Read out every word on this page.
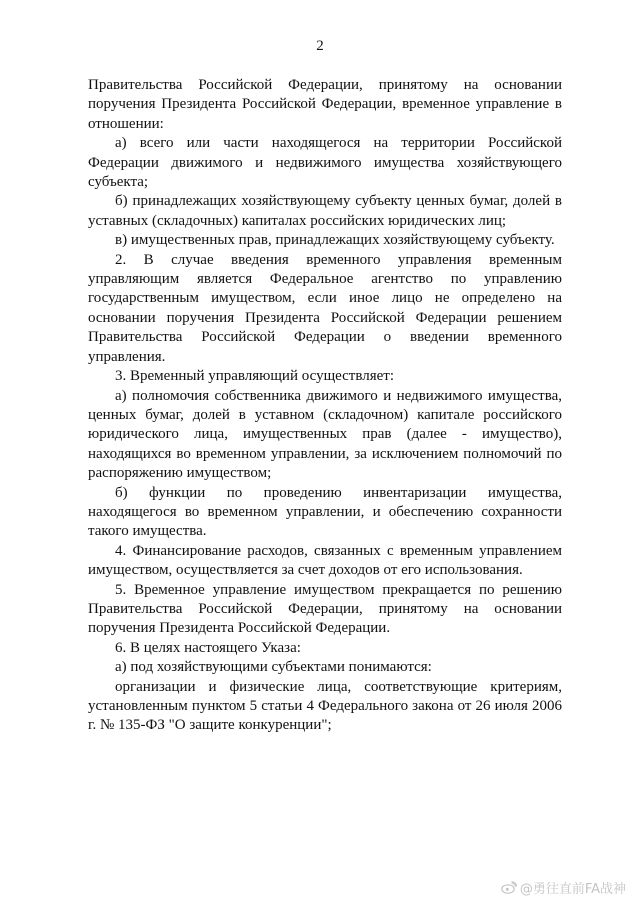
2

Правительства Российской Федерации, принятому на основании поручения Президента Российской Федерации, временное управление в отношении:

а) всего или части находящегося на территории Российской Федерации движимого и недвижимого имущества хозяйствующего субъекта;

б) принадлежащих хозяйствующему субъекту ценных бумаг, долей в уставных (складочных) капиталах российских юридических лиц;

в) имущественных прав, принадлежащих хозяйствующему субъекту.

2. В случае введения временного управления временным управляющим является Федеральное агентство по управлению государственным имуществом, если иное лицо не определено на основании поручения Президента Российской Федерации решением Правительства Российской Федерации о введении временного управления.

3. Временный управляющий осуществляет:

а) полномочия собственника движимого и недвижимого имущества, ценных бумаг, долей в уставном (складочном) капитале российского юридического лица, имущественных прав (далее - имущество), находящихся во временном управлении, за исключением полномочий по распоряжению имуществом;

б) функции по проведению инвентаризации имущества, находящегося во временном управлении, и обеспечению сохранности такого имущества.

4. Финансирование расходов, связанных с временным управлением имуществом, осуществляется за счет доходов от его использования.

5. Временное управление имуществом прекращается по решению Правительства Российской Федерации, принятому на основании поручения Президента Российской Федерации.

6. В целях настоящего Указа:

а) под хозяйствующими субъектами понимаются:

организации и физические лица, соответствующие критериям, установленным пунктом 5 статьи 4 Федерального закона от 26 июля 2006 г. № 135-ФЗ "О защите конкуренции";

@勇往直前FA战神
